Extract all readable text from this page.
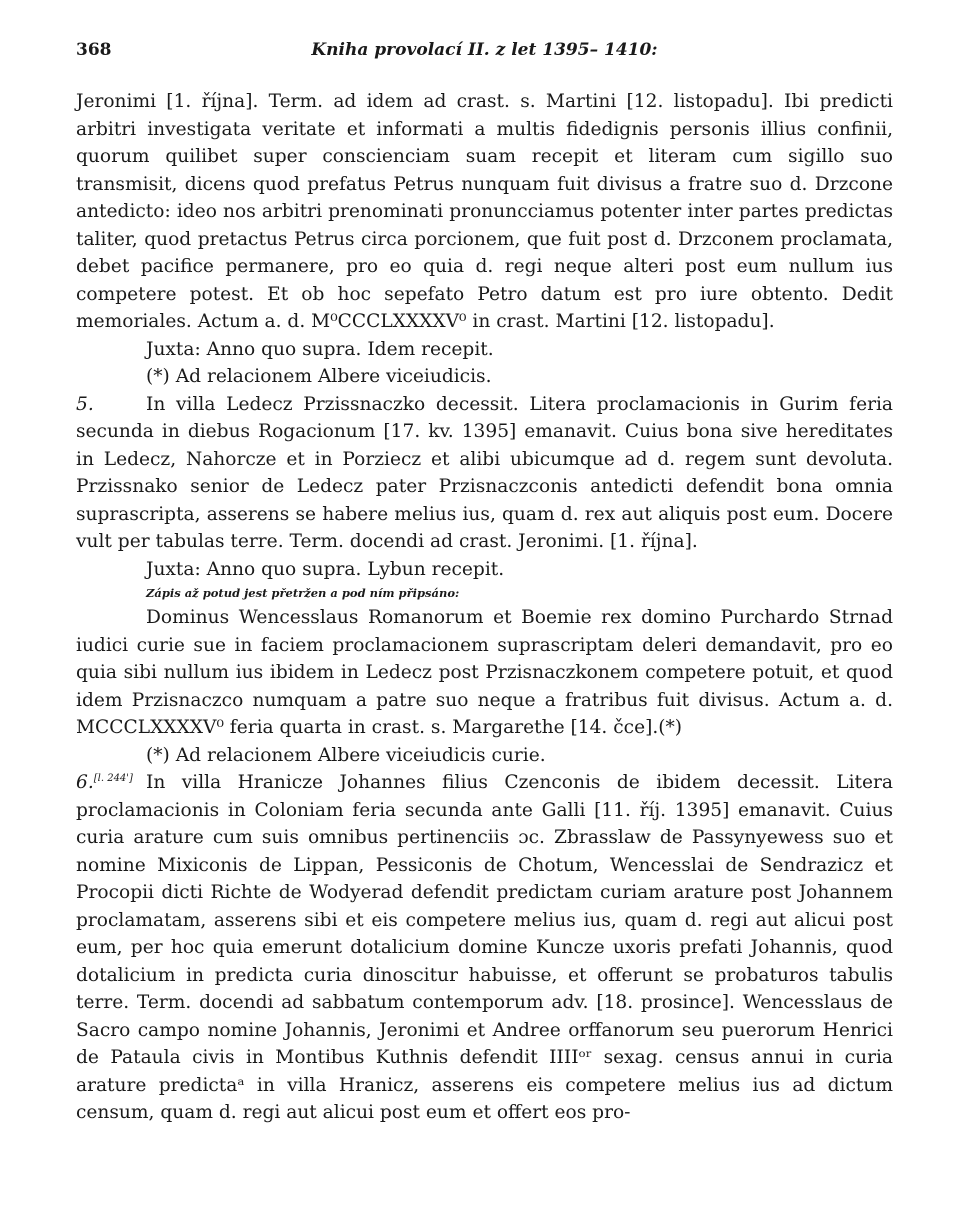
368	Kniha provolací II. z let 1395– 1410:

Jeronimi [1. října]. Term. ad idem ad crast. s. Martini [12. listopadu]. Ibi predicti arbitri investigata veritate et informati a multis fidedignis personis illius confinii, quorum quilibet super conscienciam suam recepit et literam cum sigillo suo transmisit, dicens quod prefatus Petrus nunquam fuit divisus a fratre suo d. Drzcone antedicto: ideo nos arbitri prenominati pronuncciamus potenter inter partes predictas taliter, quod pretactus Petrus circa porcionem, que fuit post d. Drzconem proclamata, debet pacifice permanere, pro eo quia d. regi neque alteri post eum nullum ius competere potest. Et ob hoc sepefato Petro datum est pro iure obtento. Dedit memoriales. Actum a. d. M⁰CCCLXXXXV⁰ in crast. Martini [12. listopadu].

Juxta: Anno quo supra. Idem recepit.

(*) Ad relacionem Albere viceiudicis.

5.	In villa Ledecz Przissnaczko decessit. Litera proclamacionis in Gurim feria secunda in diebus Rogacionum [17. kv. 1395] emanavit. Cuius bona sive hereditates in Ledecz, Nahorcze et in Porziecz et alibi ubicumque ad d. regem sunt devoluta. Przissnako senior de Ledecz pater Przisnaczconis antedicti defendit bona omnia suprascripta, asserens se habere melius ius, quam d. rex aut aliquis post eum. Docere vult per tabulas terre. Term. docendi ad crast. Jeronimi. [1. října].

Juxta: Anno quo supra. Lybun recepit.

Zápis až potud jest přetržen a pod ním připsáno:

Dominus Wencesslaus Romanorum et Boemie rex domino Purchardo Strnad iudici curie sue in faciem proclamacionem suprascriptam deleri demandavit, pro eo quia sibi nullum ius ibidem in Ledecz post Przisnaczkonem competere potuit, et quod idem Przisnaczco numquam a patre suo neque a fratribus fuit divisus. Actum a. d. MCCCLXXXXV⁰ feria quarta in crast. s. Margarethe [14. čce].(*)

(*) Ad relacionem Albere viceiudicis curie.

6.[l. 244'] In villa Hranicze Johannes filius Czenconis de ibidem decessit. Litera proclamacionis in Coloniam feria secunda ante Galli [11. říj. 1395] emanavit. Cuius curia arature cum suis omnibus pertinenciis ɔc. Zbrasslaw de Passynyewess suo et nomine Mixiconis de Lippan, Pessiconis de Chotum, Wencesslai de Sendrazicz et Procopii dicti Richte de Wodyerad defendit predictam curiam arature post Johannem proclamatam, asserens sibi et eis competere melius ius, quam d. regi aut alicui post eum, per hoc quia emerunt dotalicium domine Kuncze uxoris prefati Johannis, quod dotalicium in predicta curia dinoscitur habuisse, et offerunt se probaturos tabulis terre. Term. docendi ad sabbatum contemporum adv. [18. prosince]. Wencesslaus de Sacro campo nomine Johannis, Jeronimi et Andree orffanorum seu puerorum Henrici de Pataula civis in Montibus Kuthnis defendit IIIIᵒʳ sexag. census annui in curia arature predictaᵃ in villa Hranicz, asserens eis competere melius ius ad dictum censum, quam d. regi aut alicui post eum et offert eos pro-
